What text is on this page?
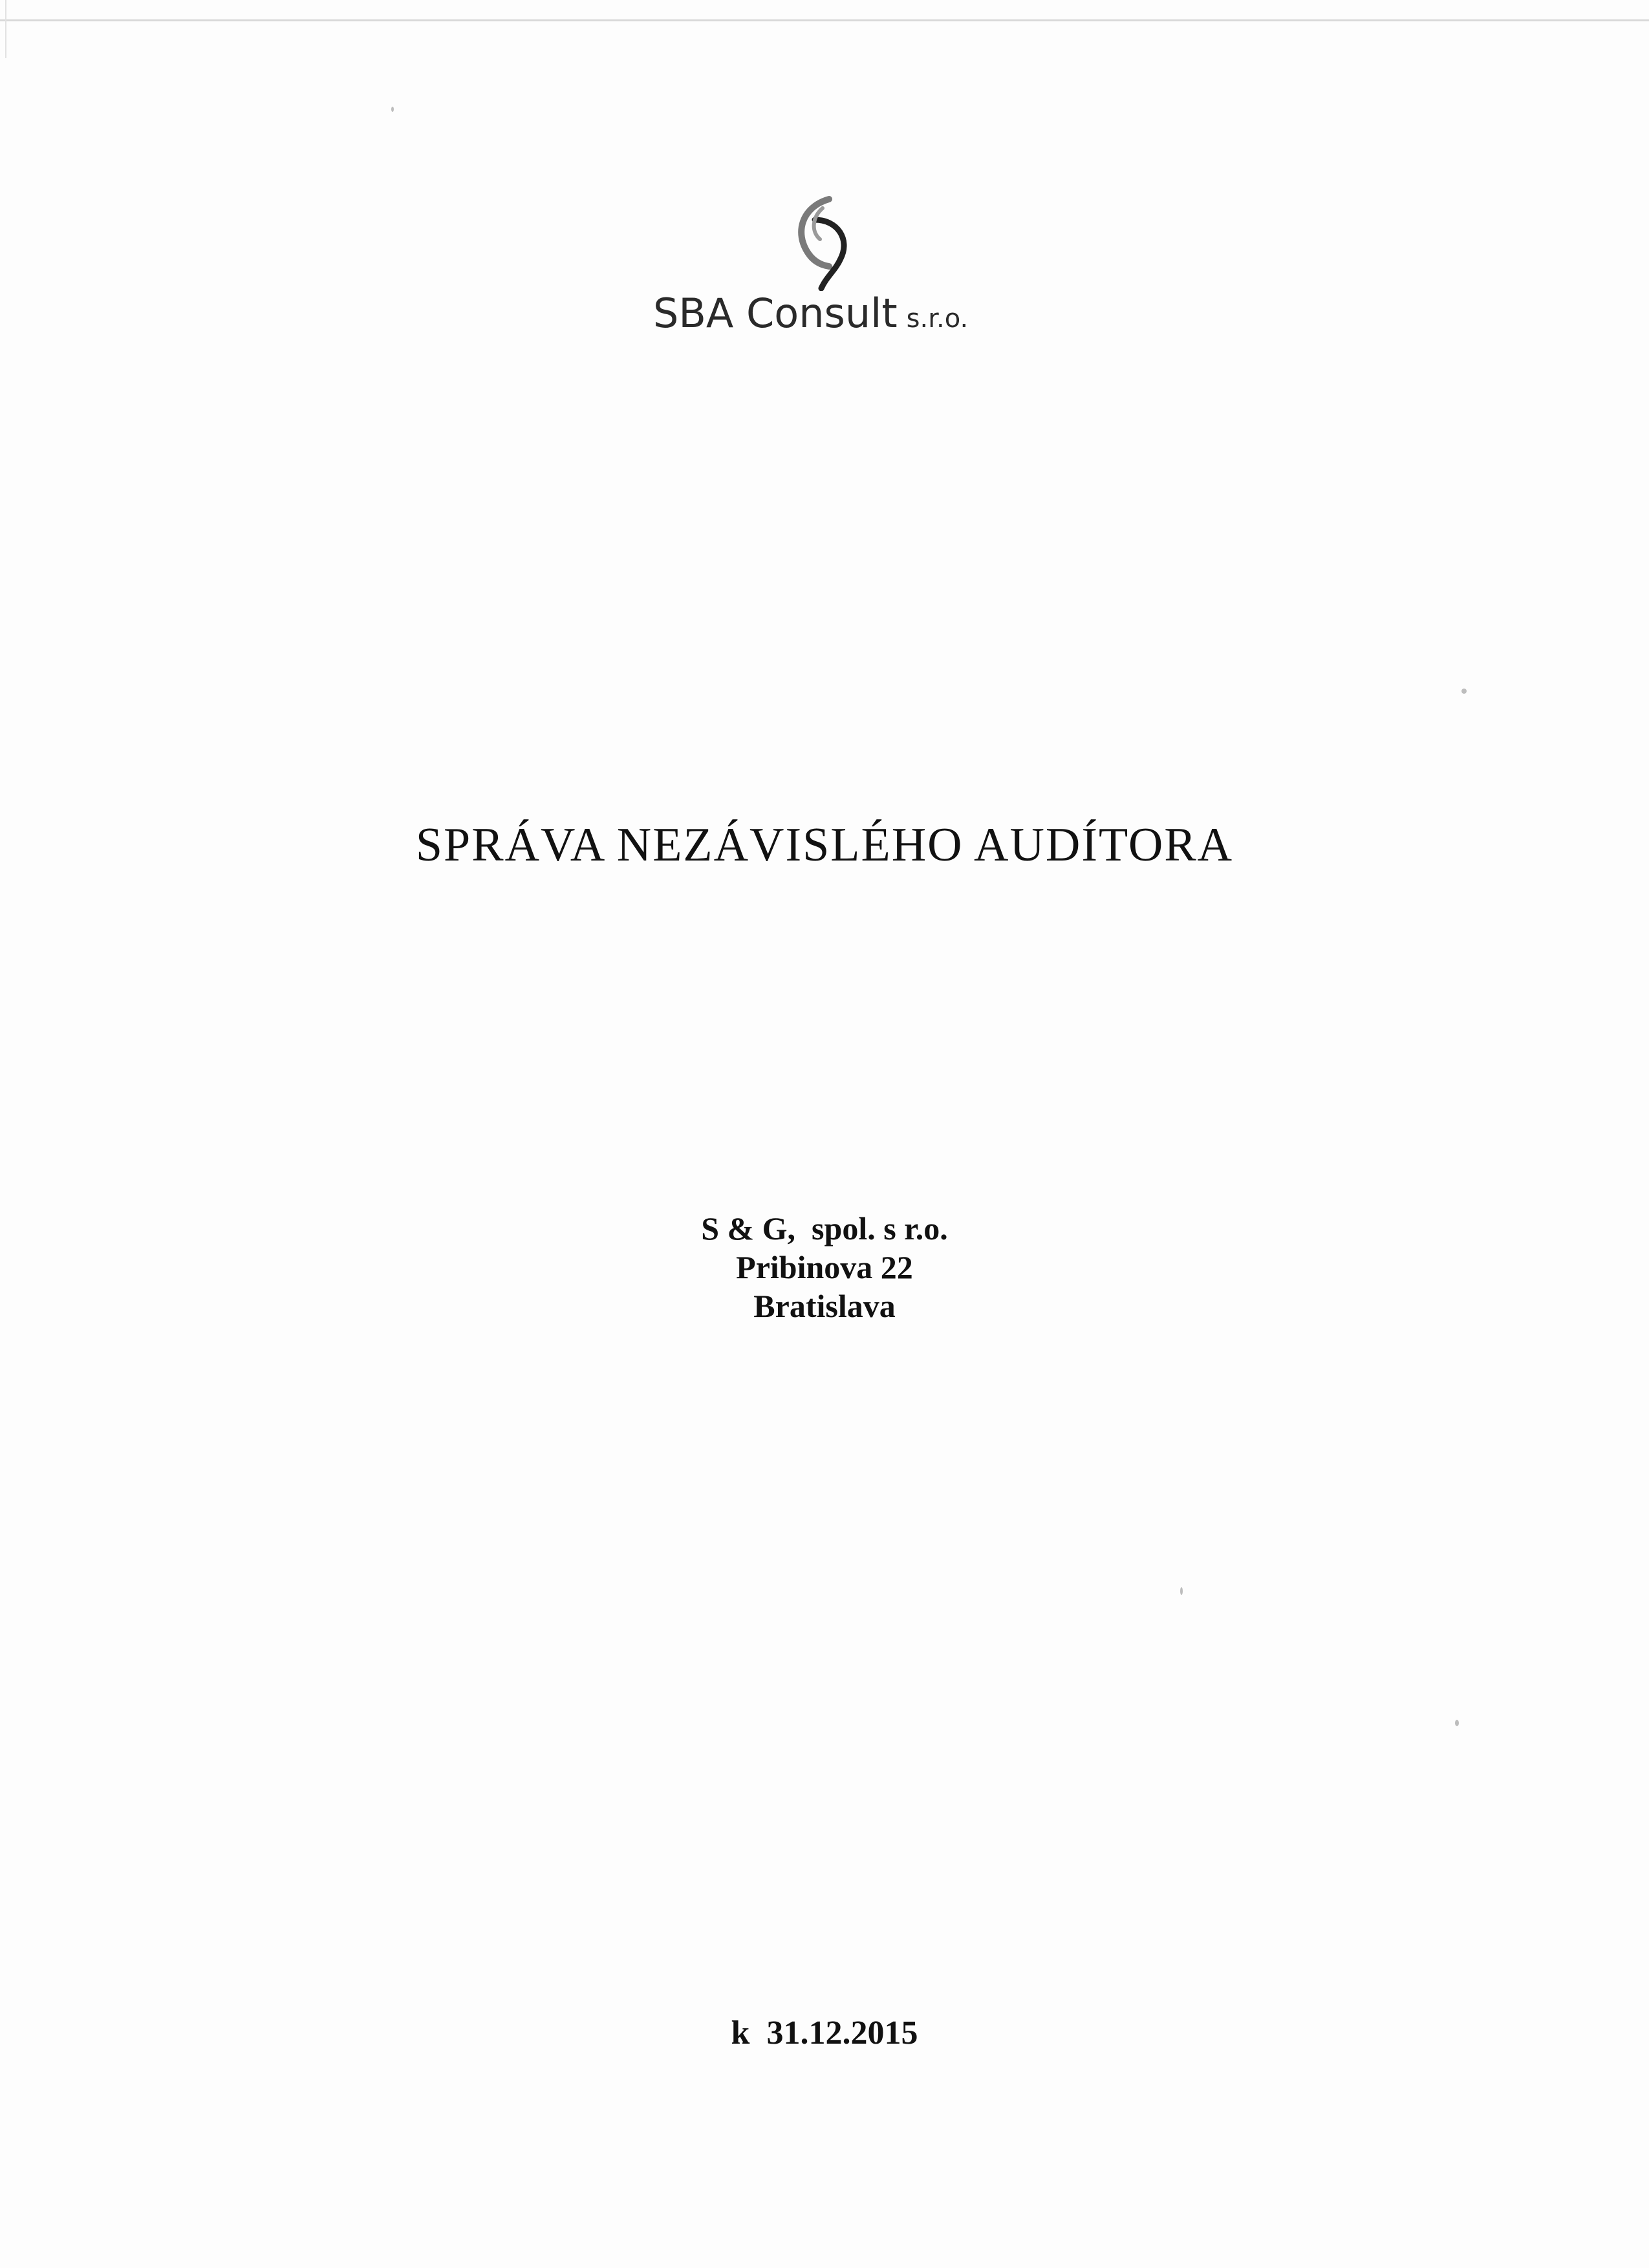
SBA Consult s.r.o.
SPRÁVA NEZÁVISLÉHO AUDÍTORA
S & G,  spol. s r.o.
Pribinova 22
Bratislava
k  31.12.2015
